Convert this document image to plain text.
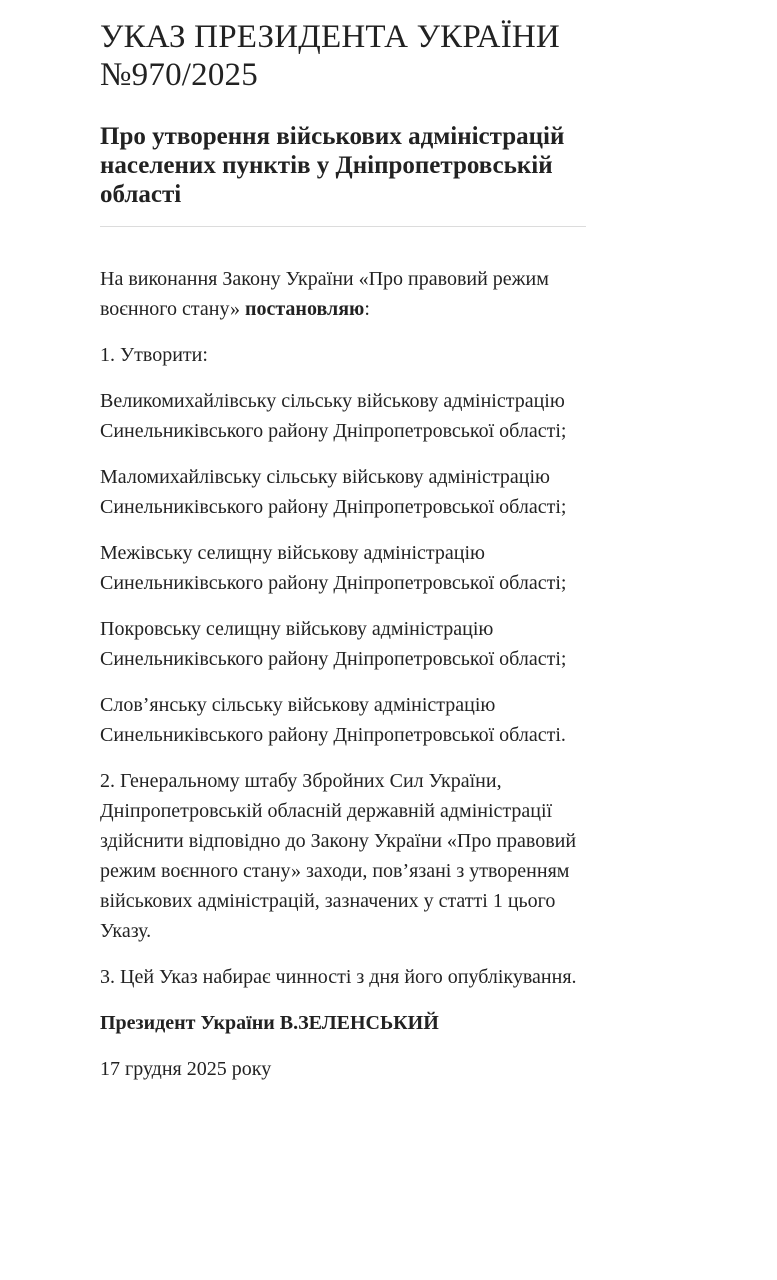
УКАЗ ПРЕЗИДЕНТА УКРАЇНИ
№970/2025
Про утворення військових адміністрацій населених пунктів у Дніпропетровській області

На виконання Закону України «Про правовий режим воєнного стану» постановляю:

1. Утворити:

Великомихайлівську сільську військову адміністрацію Синельниківського району Дніпропетровської області;

Маломихайлівську сільську військову адміністрацію Синельниківського району Дніпропетровської області;

Межівську селищну військову адміністрацію Синельниківського району Дніпропетровської області;

Покровську селищну військову адміністрацію Синельниківського району Дніпропетровської області;

Слов’янську сільську військову адміністрацію Синельниківського району Дніпропетровської області.

2. Генеральному штабу Збройних Сил України, Дніпропетровській обласній державній адміністрації здійснити відповідно до Закону України «Про правовий режим воєнного стану» заходи, пов’язані з утворенням військових адміністрацій, зазначених у статті 1 цього Указу.

3. Цей Указ набирає чинності з дня його опублікування.

Президент України В.ЗЕЛЕНСЬКИЙ

17 грудня 2025 року
